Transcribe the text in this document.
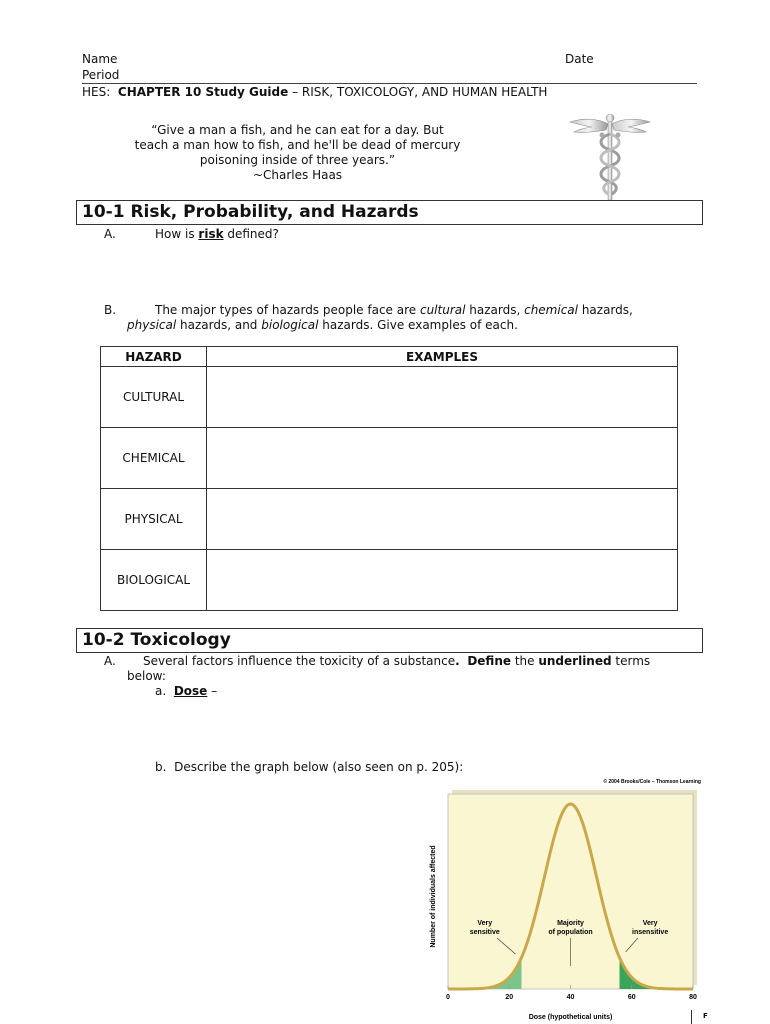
Name	Date
Period
HES: CHAPTER 10 Study Guide – RISK, TOXICOLOGY, AND HUMAN HEALTH
“Give a man a fish, and he can eat for a day. But
teach a man how to fish, and he'll be dead of mercury
poisoning inside of three years.”
~Charles Haas
10-1 Risk, Probability, and Hazards
A.	How is risk defined?
B.	The major types of hazards people face are cultural hazards, chemical hazards,
physical hazards, and biological hazards. Give examples of each.
HAZARD	EXAMPLES
CULTURAL	
CHEMICAL	
PHYSICAL	
BIOLOGICAL	
10-2 Toxicology
A. Several factors influence the toxicity of a substance. Define the underlined terms
below:
a. Dose –
b. Describe the graph below (also seen on p. 205):
0	20	40	60	80
Dose (hypothetical units)
Number of individuals affected
© 2004 Brooks/Cole – Thomson Learning
Very
sensitive
Majority
of population
Very
insensitive
F
